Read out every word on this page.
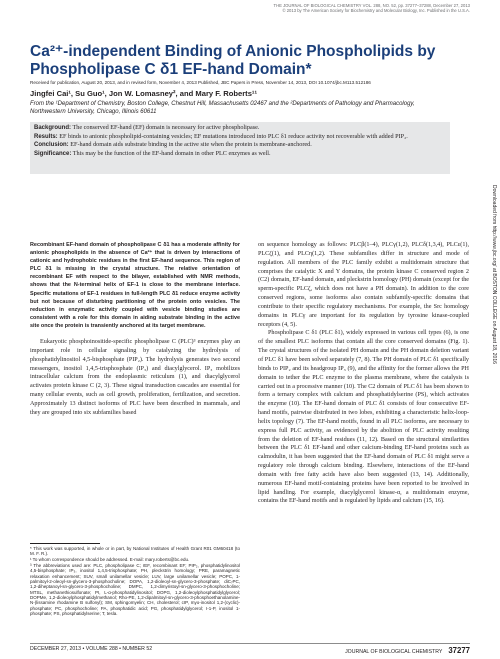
THE JOURNAL OF BIOLOGICAL CHEMISTRY VOL. 288, NO. 52, pp. 37277–37288, December 27, 2013
© 2013 by The American Society for Biochemistry and Molecular Biology, Inc. Published in the U.S.A.
Ca²⁺-independent Binding of Anionic Phospholipids by
Phospholipase C δ1 EF-hand Domain*
Received for publication, August 20, 2013, and in revised form, November 4, 2013 Published, JBC Papers in Press, November 14, 2013, DOI 10.1074/jbc.M113.512186
Jingfei Cai¹, Su Guo¹, Jon W. Lomasney², and Mary F. Roberts¹¹
From the ¹Department of Chemistry, Boston College, Chestnut Hill, Massachusetts 02467 and the ²Departments of Pathology and Pharmacology, Northwestern University, Chicago, Illinois 60611

Background: The conserved EF-hand (EF) domain is necessary for active phospholipase.

Results: EF binds to anionic phospholipid-containing vesicles; EF mutations introduced into PLC δ1 reduce activity not recoverable with added PIP₂.

Conclusion: EF-hand domain aids substrate binding in the active site when the protein is membrane-anchored.

Significance: This may be the function of the EF-hand domain in other PLC enzymes as well.

Recombinant EF-hand domain of phospholipase C δ1 has a moderate affinity for anionic phospholipids in the absence of Ca²⁺ that is driven by interactions of cationic and hydrophobic residues in the first EF-hand sequence. This region of PLC δ1 is missing in the crystal structure. The relative orientation of recombinant EF with respect to the bilayer, established with NMR methods, shows that the N-terminal helix of EF-1 is close to the membrane interface. Specific mutations of EF-1 residues in full-length PLC δ1 reduce enzyme activity but not because of disturbing partitioning of the protein onto vesicles. The reduction in enzymatic activity coupled with vesicle binding studies are consistent with a role for this domain in aiding substrate binding in the active site once the protein is transiently anchored at its target membrane.

Eukaryotic phosphoinositide-specific phospholipase C (PLC)³ enzymes play an important role in cellular signaling by catalyzing the hydrolysis of phosphatidylinositol 4,5-bisphosphate (PIP₂). The hydrolysis generates two second messengers, inositol 1,4,5-trisphosphate (IP₃) and diacylglycerol. IP₃ mobilizes intracellular calcium from the endoplasmic reticulum (1), and diacylglycerol activates protein kinase C (2, 3). These signal transduction cascades are essential for many cellular events, such as cell growth, proliferation, fertilization, and secretion. Approximately 13 distinct isoforms of PLC have been described in mammals, and they are grouped into six subfamilies based

* This work was supported, in whole or in part, by National Institutes of Health Grant R01 GM60418 (to M. F. R.).

¹ To whom correspondence should be addressed. E-mail: mary.roberts@bc.edu.

³ The abbreviations used are: PLC, phospholipase C; rEF, recombinant EF; PIP₂, phosphatidylinositol 4,5-bisphosphate; IP₃, inositol 1,4,5-trisphosphate; PH, pleckstrin homology; PRE, paramagnetic relaxation enhancement; SUV, small unilamellar vesicle; LUV, large unilamellar vesicle; POPC, 1-palmitoyl-2-oleoyl-sn-glycero-3-phosphocholine; DOPA, 1,2-dioleoyl-sn-glycero-3-phosphate; diC₇PC, 1,2-diheptanoyl-sn-glycero-3-phosphocholine; DMPC, 1,2-dimyristoyl-sn-glycero-3-phosphocholine; MTSL, methanethiosulfonate; PI, L-α-phosphatidylinositol; DOPG, 1,2-dioleoylphosphatidylglycerol; DOPMe, 1,2-dioleoylphosphatidylmethanol; Rho-PE, 1,2-dipalmitoyl-sn-glycero-3-phosphoethanolamine-N-(lissamine rhodamine B sulfonyl); SM, sphingomyelin; CH, cholesterol; cIP, myo-inositol 1,2-(cyclic)-phosphate; PC, phosphocholine; PA, phosphatidic acid; PG, phosphatidylglycerol; I-1-P, inositol 1-phosphate; PS, phosphatidylserine; T, tesla.

on sequence homology as follows: PLCβ(1–4), PLCγ(1,2), PLCδ(1,3,4), PLCε(1), PLCζ(1), and PLCη(1,2). These subfamilies differ in structure and mode of regulation. All members of the PLC family exhibit a multidomain structure that comprises the catalytic X and Y domains, the protein kinase C conserved region 2 (C2) domain, EF-hand domain, and pleckstrin homology (PH) domain (except for the sperm-specific PLCζ, which does not have a PH domain). In addition to the core conserved regions, some isoforms also contain subfamily-specific domains that contribute to their specific regulatory mechanisms. For example, the Src homology domains in PLCγ are important for its regulation by tyrosine kinase-coupled receptors (4, 5).

Phospholipase C δ1 (PLC δ1), widely expressed in various cell types (6), is one of the smallest PLC isoforms that contain all the core conserved domains (Fig. 1). The crystal structures of the isolated PH domain and the PH domain deletion variant of PLC δ1 have been solved separately (7, 8). The PH domain of PLC δ1 specifically binds to PIP₂ and its headgroup IP₃ (9), and the affinity for the former allows the PH domain to tether the PLC enzyme to the plasma membrane, where the catalysis is carried out in a processive manner (10). The C2 domain of PLC δ1 has been shown to form a ternary complex with calcium and phosphatidylserine (PS), which activates the enzyme (10). The EF-hand domain of PLC δ1 consists of four consecutive EF-hand motifs, pairwise distributed in two lobes, exhibiting a characteristic helix-loop-helix topology (7). The EF-hand motifs, found in all PLC isoforms, are necessary to express full PLC activity, as evidenced by the abolition of PLC activity resulting from the deletion of EF-hand residues (11, 12). Based on the structural similarities between the PLC δ1 EF-hand and other calcium-binding EF-hand proteins such as calmodulin, it has been suggested that the EF-hand domain of PLC δ1 might serve a regulatory role through calcium binding. Elsewhere, interactions of the EF-hand domain with free fatty acids have also been suggested (13, 14). Additionally, numerous EF-hand motif-containing proteins have been reported to be involved in lipid handling. For example, diacylglycerol kinase-α, a multidomain enzyme, contains the EF-hand motifs and is regulated by lipids and calcium (15, 16).

Downloaded from http://www.jbc.org/ at BOSTON COLLEGE on August 18, 2016
DECEMBER 27, 2013 • VOLUME 288 • NUMBER 52	JOURNAL OF BIOLOGICAL CHEMISTRY 37277
